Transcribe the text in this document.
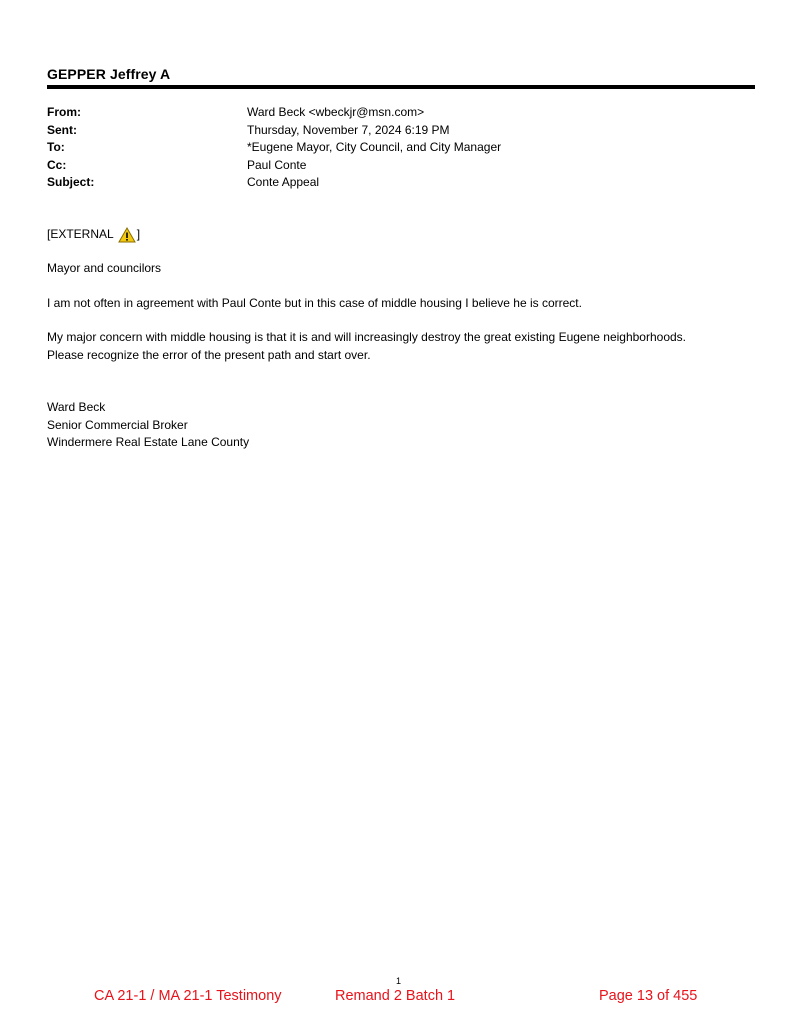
GEPPER Jeffrey A
From:	Ward Beck <wbeckjr@msn.com>
Sent:	Thursday, November 7, 2024 6:19 PM
To:	*Eugene Mayor, City Council, and City Manager
Cc:	Paul Conte
Subject:	Conte Appeal
[EXTERNAL ]
Mayor and councilors
I am not often in agreement with Paul Conte but in this case of middle housing I believe he is correct.
My major concern with middle housing is that it is and will increasingly destroy the great existing Eugene neighborhoods.
Please recognize the error of the present path and start over.
Ward Beck
Senior Commercial Broker
Windermere Real Estate Lane County
1
CA 21-1 / MA 21-1 Testimony	Remand 2 Batch 1	Page 13 of 455
